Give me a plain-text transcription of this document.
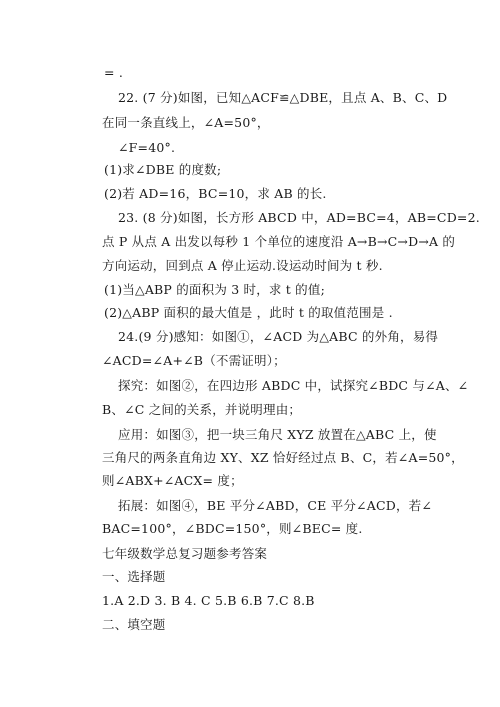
= .
22. (7 分)如图，已知△ACF≌△DBE，且点 A、B、C、D
在同一条直线上，∠A=50°，
∠F=40°.
(1)求∠DBE 的度数;
(2)若 AD=16，BC=10，求 AB 的长.
23. (8 分)如图，长方形 ABCD 中，AD=BC=4，AB=CD=2.
点 P 从点 A 出发以每秒 1 个单位的速度沿 A→B→C→D→A 的
方向运动，回到点 A 停止运动.设运动时间为 t 秒.
(1)当△ABP 的面积为 3 时，求 t 的值;
(2)△ABP 面积的最大值是 ，此时 t 的取值范围是 .
24.(9 分)感知：如图①，∠ACD 为△ABC 的外角，易得
∠ACD=∠A+∠B（不需证明）；
探究：如图②，在四边形 ABDC 中，试探究∠BDC 与∠A、∠
B、∠C 之间的关系，并说明理由；
应用：如图③，把一块三角尺 XYZ 放置在△ABC 上，使
三角尺的两条直角边 XY、XZ 恰好经过点 B、C，若∠A=50°，
则∠ABX+∠ACX= 度；
拓展：如图④，BE 平分∠ABD，CE 平分∠ACD，若∠
BAC=100°，∠BDC=150°，则∠BEC= 度.
七年级数学总复习题参考答案
一、选择题
1.A 2.D 3. B 4. C 5.B 6.B 7.C 8.B
二、填空题
